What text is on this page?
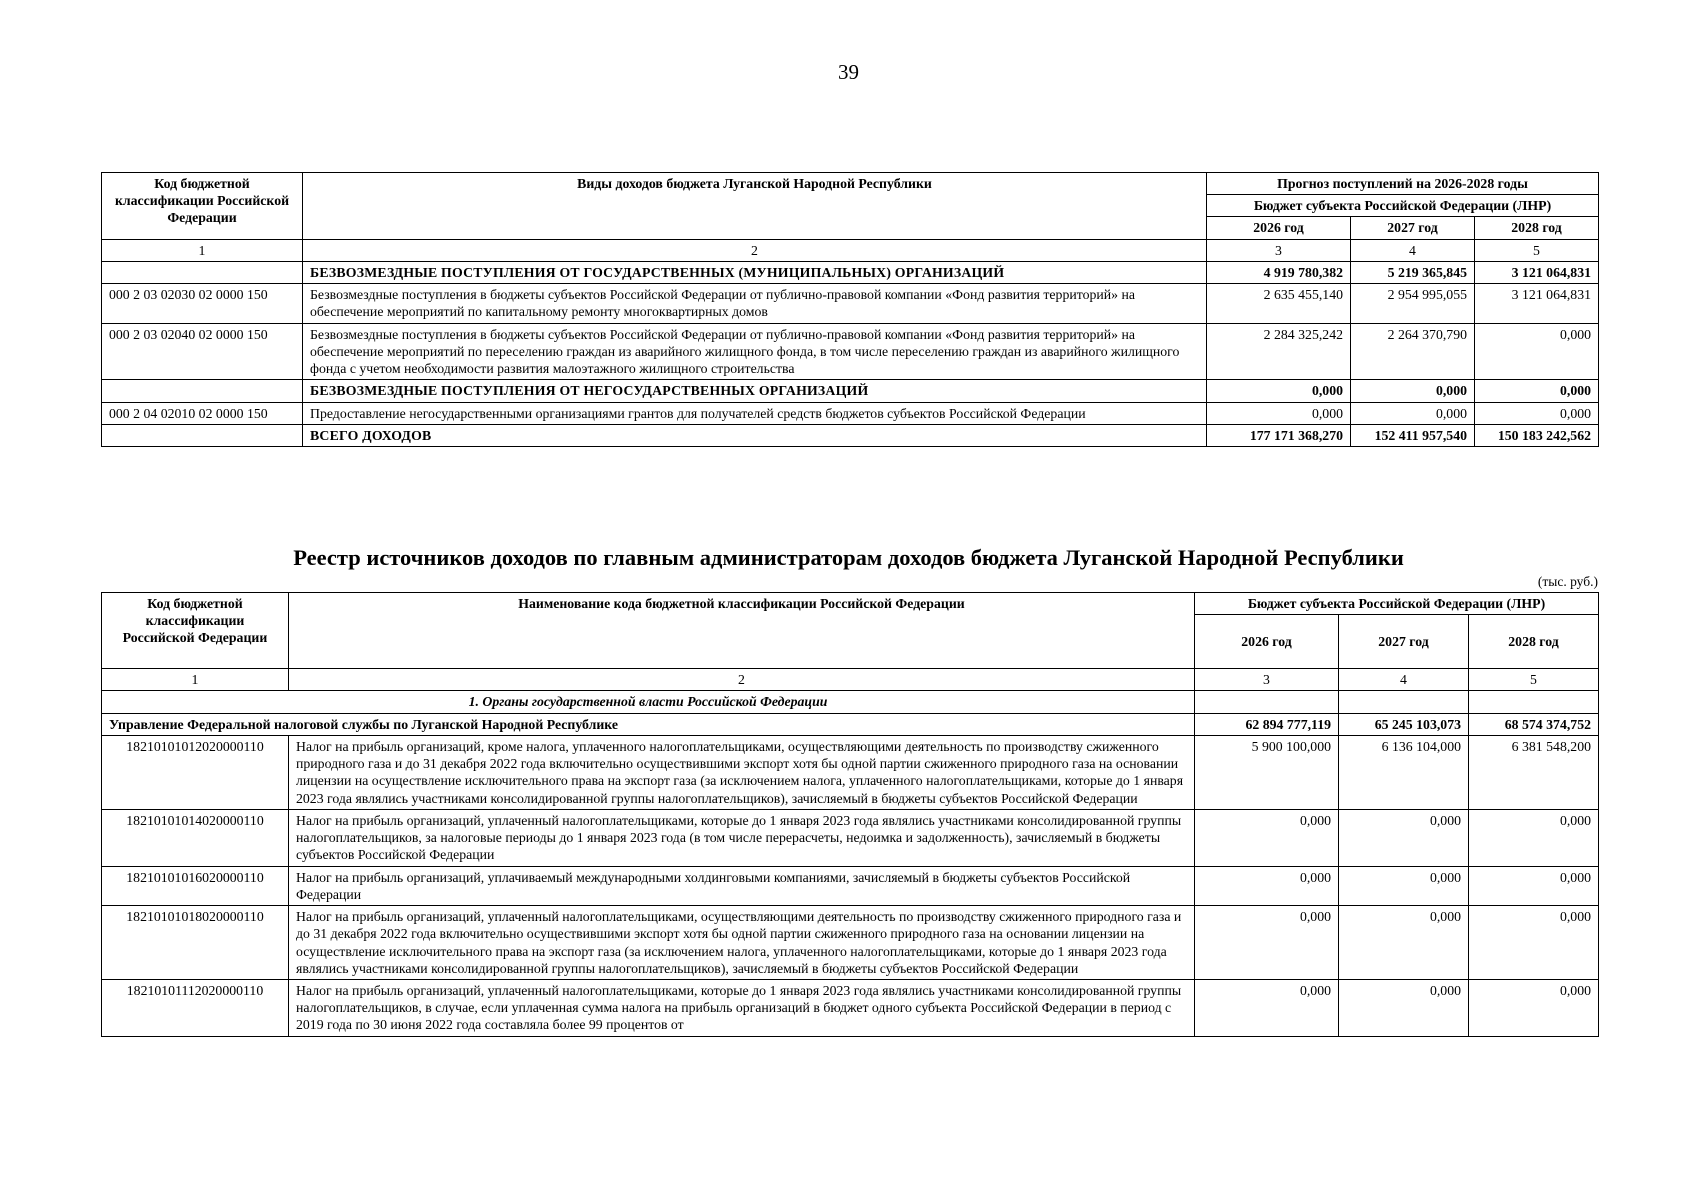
39
Код бюджетной классификации Российской Федерации	Виды доходов бюджета Луганской Народной Республики	Прогноз поступлений на 2026-2028 годы		
		Бюджет субъекта Российской Федерации (ЛНР)		
		2026 год	2027 год	2028 год
1	2	3	4	5
	БЕЗВОЗМЕЗДНЫЕ ПОСТУПЛЕНИЯ ОТ ГОСУДАРСТВЕННЫХ (МУНИЦИПАЛЬНЫХ) ОРГАНИЗАЦИЙ	4 919 780,382	5 219 365,845	3 121 064,831
000 2 03 02030 02 0000 150	Безвозмездные поступления в бюджеты субъектов Российской Федерации от публично-правовой компании «Фонд развития территорий» на обеспечение мероприятий по капитальному ремонту многоквартирных домов	2 635 455,140	2 954 995,055	3 121 064,831
000 2 03 02040 02 0000 150	Безвозмездные поступления в бюджеты субъектов Российской Федерации от публично-правовой компании «Фонд развития территорий» на обеспечение мероприятий по переселению граждан из аварийного жилищного фонда, в том числе переселению граждан из аварийного жилищного фонда с учетом необходимости развития малоэтажного жилищного строительства	2 284 325,242	2 264 370,790	0,000
	БЕЗВОЗМЕЗДНЫЕ ПОСТУПЛЕНИЯ ОТ НЕГОСУДАРСТВЕННЫХ ОРГАНИЗАЦИЙ	0,000	0,000	0,000
000 2 04 02010 02 0000 150	Предоставление негосударственными организациями грантов для получателей средств бюджетов субъектов Российской Федерации	0,000	0,000	0,000
	ВСЕГО ДОХОДОВ	177 171 368,270	152 411 957,540	150 183 242,562
Реестр источников доходов по главным администраторам доходов бюджета Луганской Народной Республики
(тыс. руб.)
Код бюджетной классификации Российской Федерации	Наименование кода бюджетной классификации Российской Федерации	Бюджет субъекта Российской Федерации (ЛНР)		
		2026 год	2027 год	2028 год
1	2	3	4	5
1. Органы государственной власти Российской Федерации				
Управление Федеральной налоговой службы по Луганской Народной Республике		62 894 777,119	65 245 103,073	68 574 374,752
18210101012020000110	Налог на прибыль организаций, кроме налога, уплаченного налогоплательщиками, осуществляющими деятельность по производству сжиженного природного газа и до 31 декабря 2022 года включительно осуществившими экспорт хотя бы одной партии сжиженного природного газа на основании лицензии на осуществление исключительного права на экспорт газа (за исключением налога, уплаченного налогоплательщиками, которые до 1 января 2023 года являлись участниками консолидированной группы налогоплательщиков), зачисляемый в бюджеты субъектов Российской Федерации	5 900 100,000	6 136 104,000	6 381 548,200
18210101014020000110	Налог на прибыль организаций, уплаченный налогоплательщиками, которые до 1 января 2023 года являлись участниками консолидированной группы налогоплательщиков, за налоговые периоды до 1 января 2023 года (в том числе перерасчеты, недоимка и задолженность), зачисляемый в бюджеты субъектов Российской Федерации	0,000	0,000	0,000
18210101016020000110	Налог на прибыль организаций, уплачиваемый международными холдинговыми компаниями, зачисляемый в бюджеты субъектов Российской Федерации	0,000	0,000	0,000
18210101018020000110	Налог на прибыль организаций, уплаченный налогоплательщиками, осуществляющими деятельность по производству сжиженного природного газа и до 31 декабря 2022 года включительно осуществившими экспорт хотя бы одной партии сжиженного природного газа на основании лицензии на осуществление исключительного права на экспорт газа (за исключением налога, уплаченного налогоплательщиками, которые до 1 января 2023 года являлись участниками консолидированной группы налогоплательщиков), зачисляемый в бюджеты субъектов Российской Федерации	0,000	0,000	0,000
18210101112020000110	Налог на прибыль организаций, уплаченный налогоплательщиками, которые до 1 января 2023 года являлись участниками консолидированной группы налогоплательщиков, в случае, если уплаченная сумма налога на прибыль организаций в бюджет одного субъекта Российской Федерации в период с 2019 года по 30 июня 2022 года составляла более 99 процентов от	0,000	0,000	0,000
